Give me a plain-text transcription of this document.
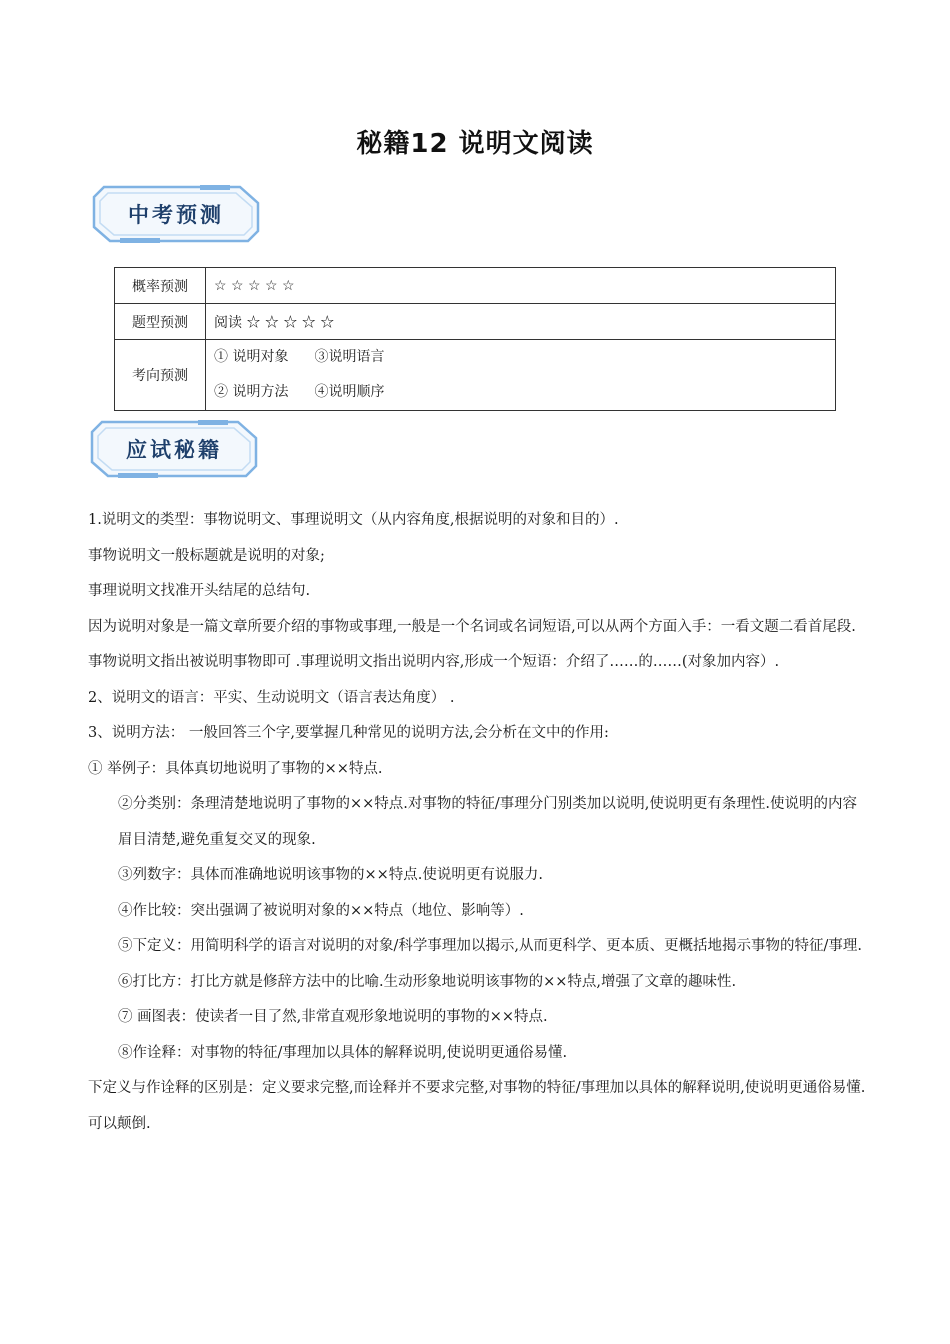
秘籍12 说明文阅读
中考预测
概率预测	☆ ☆ ☆ ☆ ☆
题型预测	阅读 ☆ ☆ ☆ ☆ ☆
考向预测	① 说明对象 ③说明语言
② 说明方法 ④说明顺序
应试秘籍

1.说明文的类型：事物说明文、事理说明文（从内容角度,根据说明的对象和目的）.

事物说明文一般标题就是说明的对象;

事理说明文找准开头结尾的总结句.

因为说明对象是一篇文章所要介绍的事物或事理,一般是一个名词或名词短语,可以从两个方面入手：一看文题二看首尾段.事物说明文指出被说明事物即可 .事理说明文指出说明内容,形成一个短语：介绍了……的……(对象加内容）.

2、说明文的语言：平实、生动说明文（语言表达角度） .

3、说明方法： 一般回答三个字,要掌握几种常见的说明方法,会分析在文中的作用:

① 举例子：具体真切地说明了事物的××特点.

②分类别：条理清楚地说明了事物的××特点.对事物的特征/事理分门别类加以说明,使说明更有条理性.使说明的内容眉目清楚,避免重复交叉的现象.

③列数字：具体而准确地说明该事物的××特点.使说明更有说服力.

④作比较：突出强调了被说明对象的××特点（地位、影响等）.

⑤下定义：用简明科学的语言对说明的对象/科学事理加以揭示,从而更科学、更本质、更概括地揭示事物的特征/事理.

⑥打比方：打比方就是修辞方法中的比喻.生动形象地说明该事物的××特点,增强了文章的趣味性.

⑦ 画图表：使读者一目了然,非常直观形象地说明的事物的××特点.

⑧作诠释：对事物的特征/事理加以具体的解释说明,使说明更通俗易懂.

下定义与作诠释的区别是：定义要求完整,而诠释并不要求完整,对事物的特征/事理加以具体的解释说明,使说明更通俗易懂.可以颠倒.
